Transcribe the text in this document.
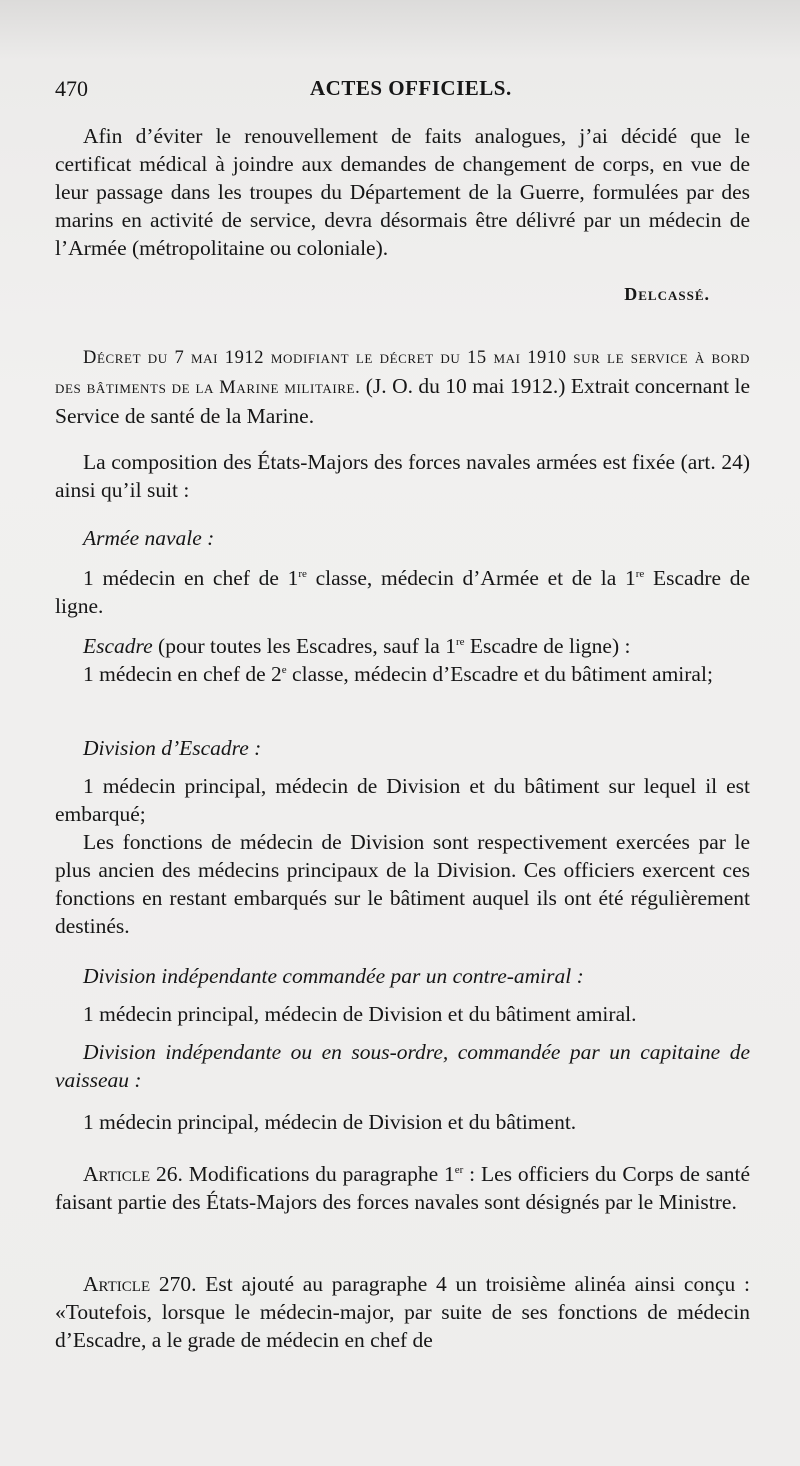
470	ACTES OFFICIELS.

Afin d’éviter le renouvellement de faits analogues, j’ai décidé que le certificat médical à joindre aux demandes de changement de corps, en vue de leur passage dans les troupes du Département de la Guerre, formulées par des marins en activité de service, devra désormais être délivré par un médecin de l’Armée (métropolitaine ou coloniale).

Delcassé.

Décret du 7 mai 1912 modifiant le décret du 15 mai 1910 sur le service à bord des bâtiments de la Marine militaire. (J. O. du 10 mai 1912.) Extrait concernant le Service de santé de la Marine.

La composition des États-Majors des forces navales armées est fixée (art. 24) ainsi qu’il suit :

Armée navale :

1 médecin en chef de 1re classe, médecin d’Armée et de la 1re Escadre de ligne.

Escadre (pour toutes les Escadres, sauf la 1re Escadre de ligne) :

1 médecin en chef de 2e classe, médecin d’Escadre et du bâtiment amiral;

Division d’Escadre :

1 médecin principal, médecin de Division et du bâtiment sur lequel il est embarqué;

Les fonctions de médecin de Division sont respectivement exercées par le plus ancien des médecins principaux de la Division. Ces officiers exercent ces fonctions en restant embarqués sur le bâtiment auquel ils ont été régulièrement destinés.

Division indépendante commandée par un contre-amiral :

1 médecin principal, médecin de Division et du bâtiment amiral.

Division indépendante ou en sous-ordre, commandée par un capitaine de vaisseau :

1 médecin principal, médecin de Division et du bâtiment.

Article 26. Modifications du paragraphe 1er : Les officiers du Corps de santé faisant partie des États-Majors des forces navales sont désignés par le Ministre.

Article 270. Est ajouté au paragraphe 4 un troisième alinéa ainsi conçu : «Toutefois, lorsque le médecin-major, par suite de ses fonctions de médecin d’Escadre, a le grade de médecin en chef de
